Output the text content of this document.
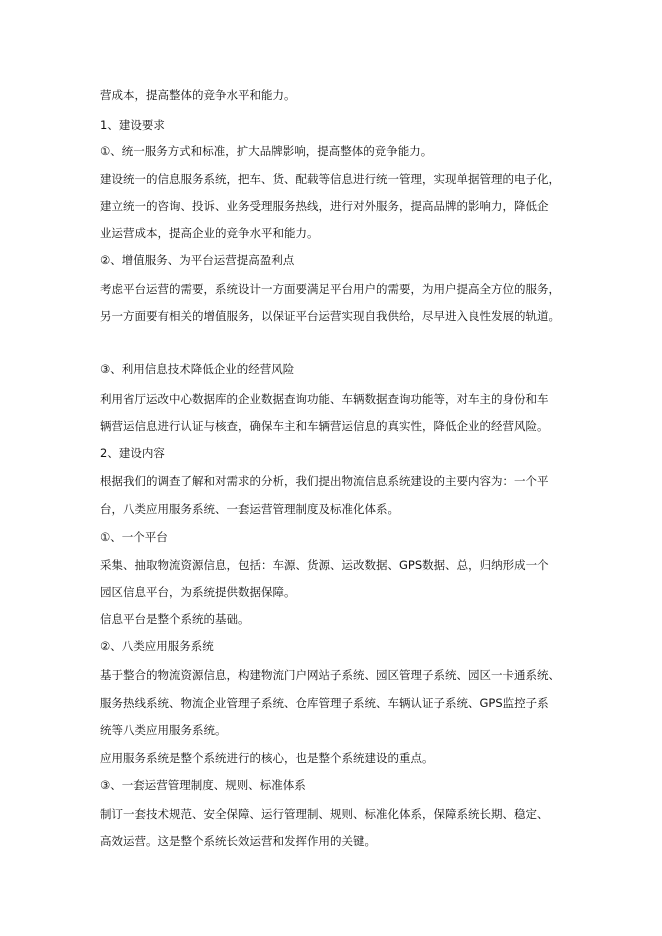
营成本，提高整体的竞争水平和能力。
1、建设要求
①、统一服务方式和标准，扩大品牌影响，提高整体的竞争能力。
建设统一的信息服务系统，把车、货、配载等信息进行统一管理，实现单据管理的电子化，
建立统一的咨询、投诉、业务受理服务热线，进行对外服务，提高品牌的影响力，降低企
业运营成本，提高企业的竞争水平和能力。
②、增值服务、为平台运营提高盈利点
考虑平台运营的需要，系统设计一方面要满足平台用户的需要，为用户提高全方位的服务，
另一方面要有相关的增值服务，以保证平台运营实现自我供给，尽早进入良性发展的轨道。
③、利用信息技术降低企业的经营风险
利用省厅运改中心数据库的企业数据查询功能、车辆数据查询功能等，对车主的身份和车
辆营运信息进行认证与核查，确保车主和车辆营运信息的真实性，降低企业的经营风险。
2、建设内容
根据我们的调查了解和对需求的分析，我们提出物流信息系统建设的主要内容为：一个平
台，八类应用服务系统、一套运营管理制度及标准化体系。
①、一个平台
采集、抽取物流资源信息，包括：车源、货源、运改数据、GPS数据、总，归纳形成一个
园区信息平台，为系统提供数据保障。
信息平台是整个系统的基础。
②、八类应用服务系统
基于整合的物流资源信息，构建物流门户网站子系统、园区管理子系统、园区一卡通系统、
服务热线系统、物流企业管理子系统、仓库管理子系统、车辆认证子系统、GPS监控子系
统等八类应用服务系统。
应用服务系统是整个系统进行的核心，也是整个系统建设的重点。
③、一套运营管理制度、规则、标准体系
制订一套技术规范、安全保障、运行管理制、规则、标准化体系，保障系统长期、稳定、
高效运营。这是整个系统长效运营和发挥作用的关键。
